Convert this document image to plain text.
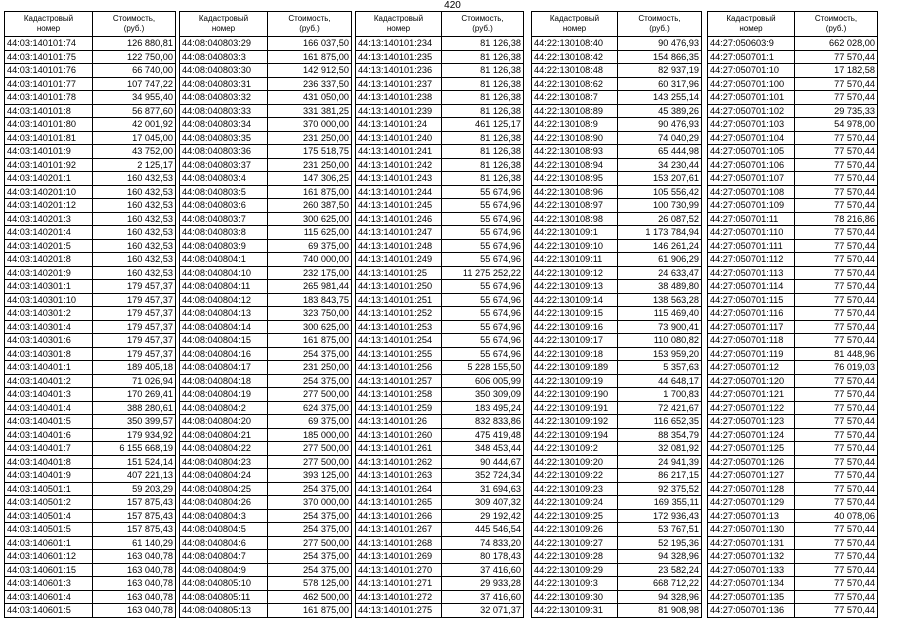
420
Кадастровый
номер	Стоимость,
(руб.)

44:03:140101:74	126 880,81
44:03:140101:75	122 750,00
44:03:140101:76	66 740,00
44:03:140101:77	107 747,22
44:03:140101:78	34 955,40
44:03:140101:8	56 877,60
44:03:140101:80	42 001,92
44:03:140101:81	17 045,00
44:03:140101:9	43 752,00
44:03:140101:92	2 125,17
44:03:140201:1	160 432,53
44:03:140201:10	160 432,53
44:03:140201:12	160 432,53
44:03:140201:3	160 432,53
44:03:140201:4	160 432,53
44:03:140201:5	160 432,53
44:03:140201:8	160 432,53
44:03:140201:9	160 432,53
44:03:140301:1	179 457,37
44:03:140301:10	179 457,37
44:03:140301:2	179 457,37
44:03:140301:4	179 457,37
44:03:140301:6	179 457,37
44:03:140301:8	179 457,37
44:03:140401:1	189 405,18
44:03:140401:2	71 026,94
44:03:140401:3	170 269,41
44:03:140401:4	388 280,61
44:03:140401:5	350 399,57
44:03:140401:6	179 934,92
44:03:140401:7	6 155 668,19
44:03:140401:8	151 524,14
44:03:140401:9	407 221,13
44:03:140501:1	59 203,29
44:03:140501:2	157 875,43
44:03:140501:4	157 875,43
44:03:140501:5	157 875,43
44:03:140601:1	61 140,29
44:03:140601:12	163 040,78
44:03:140601:15	163 040,78
44:03:140601:3	163 040,78
44:03:140601:4	163 040,78
44:03:140601:5	163 040,78
Кадастровый
номер	Стоимость,
(руб.)

44:08:040803:29	166 037,50
44:08:040803:3	161 875,00
44:08:040803:30	142 912,50
44:08:040803:31	236 337,50
44:08:040803:32	431 050,00
44:08:040803:33	331 381,25
44:08:040803:34	370 000,00
44:08:040803:35	231 250,00
44:08:040803:36	175 518,75
44:08:040803:37	231 250,00
44:08:040803:4	147 306,25
44:08:040803:5	161 875,00
44:08:040803:6	260 387,50
44:08:040803:7	300 625,00
44:08:040803:8	115 625,00
44:08:040803:9	69 375,00
44:08:040804:1	740 000,00
44:08:040804:10	232 175,00
44:08:040804:11	265 981,44
44:08:040804:12	183 843,75
44:08:040804:13	323 750,00
44:08:040804:14	300 625,00
44:08:040804:15	161 875,00
44:08:040804:16	254 375,00
44:08:040804:17	231 250,00
44:08:040804:18	254 375,00
44:08:040804:19	277 500,00
44:08:040804:2	624 375,00
44:08:040804:20	69 375,00
44:08:040804:21	185 000,00
44:08:040804:22	277 500,00
44:08:040804:23	277 500,00
44:08:040804:24	393 125,00
44:08:040804:25	254 375,00
44:08:040804:26	370 000,00
44:08:040804:3	254 375,00
44:08:040804:5	254 375,00
44:08:040804:6	277 500,00
44:08:040804:7	254 375,00
44:08:040804:9	254 375,00
44:08:040805:10	578 125,00
44:08:040805:11	462 500,00
44:08:040805:13	161 875,00
Кадастровый
номер	Стоимость,
(руб.)

44:13:140101:234	81 126,38
44:13:140101:235	81 126,38
44:13:140101:236	81 126,38
44:13:140101:237	81 126,38
44:13:140101:238	81 126,38
44:13:140101:239	81 126,38
44:13:140101:24	461 125,17
44:13:140101:240	81 126,38
44:13:140101:241	81 126,38
44:13:140101:242	81 126,38
44:13:140101:243	81 126,38
44:13:140101:244	55 674,96
44:13:140101:245	55 674,96
44:13:140101:246	55 674,96
44:13:140101:247	55 674,96
44:13:140101:248	55 674,96
44:13:140101:249	55 674,96
44:13:140101:25	11 275 252,22
44:13:140101:250	55 674,96
44:13:140101:251	55 674,96
44:13:140101:252	55 674,96
44:13:140101:253	55 674,96
44:13:140101:254	55 674,96
44:13:140101:255	55 674,96
44:13:140101:256	5 228 155,50
44:13:140101:257	606 005,99
44:13:140101:258	350 309,09
44:13:140101:259	183 495,24
44:13:140101:26	832 833,86
44:13:140101:260	475 419,48
44:13:140101:261	348 453,44
44:13:140101:262	90 444,67
44:13:140101:263	352 724,34
44:13:140101:264	31 694,63
44:13:140101:265	309 407,32
44:13:140101:266	29 192,42
44:13:140101:267	445 546,54
44:13:140101:268	74 833,20
44:13:140101:269	80 178,43
44:13:140101:270	37 416,60
44:13:140101:271	29 933,28
44:13:140101:272	37 416,60
44:13:140101:275	32 071,37
Кадастровый
номер	Стоимость,
(руб.)

44:22:130108:40	90 476,93
44:22:130108:42	154 866,35
44:22:130108:48	82 937,19
44:22:130108:62	60 317,96
44:22:130108:7	143 255,14
44:22:130108:89	45 389,26
44:22:130108:9	90 476,93
44:22:130108:90	74 040,29
44:22:130108:93	65 444,98
44:22:130108:94	34 230,44
44:22:130108:95	153 207,61
44:22:130108:96	105 556,42
44:22:130108:97	100 730,99
44:22:130108:98	26 087,52
44:22:130109:1	1 173 784,94
44:22:130109:10	146 261,24
44:22:130109:11	61 906,29
44:22:130109:12	24 633,47
44:22:130109:13	38 489,80
44:22:130109:14	138 563,28
44:22:130109:15	115 469,40
44:22:130109:16	73 900,41
44:22:130109:17	110 080,82
44:22:130109:18	153 959,20
44:22:130109:189	5 357,63
44:22:130109:19	44 648,17
44:22:130109:190	1 700,83
44:22:130109:191	72 421,67
44:22:130109:192	116 652,35
44:22:130109:194	88 354,79
44:22:130109:2	32 081,92
44:22:130109:20	24 941,39
44:22:130109:22	86 217,15
44:22:130109:23	92 375,52
44:22:130109:24	169 355,11
44:22:130109:25	172 936,43
44:22:130109:26	53 767,51
44:22:130109:27	52 195,36
44:22:130109:28	94 328,96
44:22:130109:29	23 582,24
44:22:130109:3	668 712,22
44:22:130109:30	94 328,96
44:22:130109:31	81 908,98
Кадастровый
номер	Стоимость,
(руб.)

44:27:050603:9	662 028,00
44:27:050701:1	77 570,44
44:27:050701:10	17 182,58
44:27:050701:100	77 570,44
44:27:050701:101	77 570,44
44:27:050701:102	29 735,33
44:27:050701:103	54 978,00
44:27:050701:104	77 570,44
44:27:050701:105	77 570,44
44:27:050701:106	77 570,44
44:27:050701:107	77 570,44
44:27:050701:108	77 570,44
44:27:050701:109	77 570,44
44:27:050701:11	78 216,86
44:27:050701:110	77 570,44
44:27:050701:111	77 570,44
44:27:050701:112	77 570,44
44:27:050701:113	77 570,44
44:27:050701:114	77 570,44
44:27:050701:115	77 570,44
44:27:050701:116	77 570,44
44:27:050701:117	77 570,44
44:27:050701:118	77 570,44
44:27:050701:119	81 448,96
44:27:050701:12	76 019,03
44:27:050701:120	77 570,44
44:27:050701:121	77 570,44
44:27:050701:122	77 570,44
44:27:050701:123	77 570,44
44:27:050701:124	77 570,44
44:27:050701:125	77 570,44
44:27:050701:126	77 570,44
44:27:050701:127	77 570,44
44:27:050701:128	77 570,44
44:27:050701:129	77 570,44
44:27:050701:13	40 078,06
44:27:050701:130	77 570,44
44:27:050701:131	77 570,44
44:27:050701:132	77 570,44
44:27:050701:133	77 570,44
44:27:050701:134	77 570,44
44:27:050701:135	77 570,44
44:27:050701:136	77 570,44
